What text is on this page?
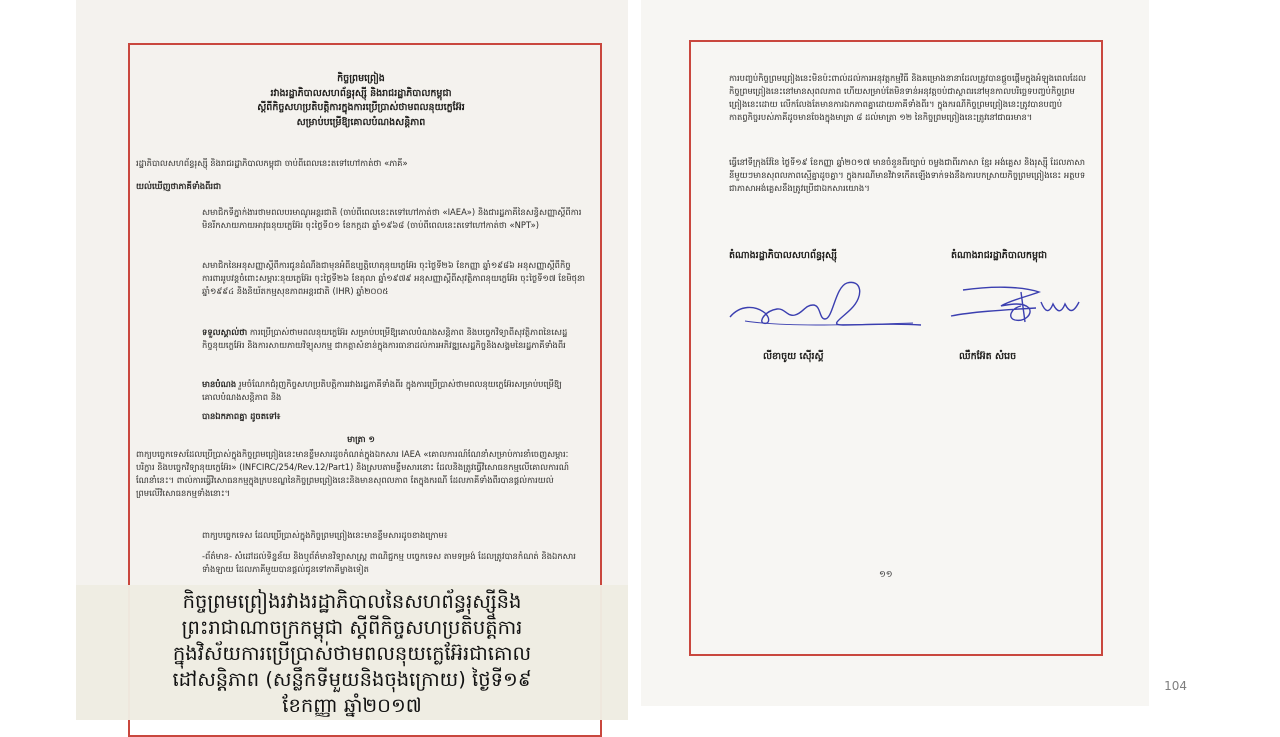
កិច្ចព្រមព្រៀង
រវាងរដ្ឋាភិបាលសហព័ន្ធរុស្ស៊ី និងរាជរដ្ឋាភិបាលកម្ពុជា
ស្តីពីកិច្ចសហប្រតិបត្តិការក្នុងការប្រើប្រាស់ថាមពលនុយក្លេអ៊ែរ
សម្រាប់បម្រើឱ្យគោលបំណងសន្តិភាព
រដ្ឋាភិបាលសហព័ន្ធរុស្ស៊ី និងរាជរដ្ឋាភិបាលកម្ពុជា ចាប់ពីពេលនេះតទៅហៅកាត់ថា «ភាគី»
យល់ឃើញថាភាគីទាំងពីរជា
សមាជិកទីភ្នាក់ងារថាមពលបរមាណូអន្តរជាតិ (ចាប់ពីពេលនេះតទៅហៅកាត់ថា «IAEA») និងជារដ្ឋភាគីនៃសន្ធិសញ្ញាស្តីពីការមិនរីកសាយភាយអាវុធនុយក្លេអ៊ែរ ចុះថ្ងៃទី០១ ខែកក្កដា ឆ្នាំ១៩៦៨ (ចាប់ពីពេលនេះតទៅហៅកាត់ថា «NPT»)
សមាជិកនៃអនុសញ្ញាស្តីពីការជូនដំណឹងជាមុនអំពីឧប្បត្តិហេតុនុយក្លេអ៊ែរ ចុះថ្ងៃទី២៦ ខែកញ្ញា ឆ្នាំ១៩៨៦ អនុសញ្ញាស្តីពីកិច្ចការពាររូបវន្តចំពោះសម្ភារៈនុយក្លេអ៊ែរ ចុះថ្ងៃទី២៦ ខែតុលា ឆ្នាំ១៩៧៩ អនុសញ្ញាស្តីពីសុវត្ថិភាពនុយក្លេអ៊ែរ ចុះថ្ងៃទី១៧ ខែមិថុនា ឆ្នាំ១៩៩៤ និងនិយ័តកម្មសុខភាពអន្តរជាតិ (IHR) ឆ្នាំ២០០៥
ទទួលស្គាល់ថា ការប្រើប្រាស់ថាមពលនុយក្លេអ៊ែរ សម្រាប់បម្រើឱ្យគោលបំណងសន្តិភាព និងបច្ចេកវិទ្យាពីសុវត្ថិភាពនៃសេដ្ឋកិច្ចនុយក្លេអ៊ែរ និងការសាយភាយវិទ្យុសកម្ម ជាកត្តាសំខាន់ក្នុងការធានាដល់ការអភិវឌ្ឍសេដ្ឋកិច្ចនិងសង្គមនៃរដ្ឋភាគីទាំងពីរ
មានបំណង រួមចំណែកជំរុញកិច្ចសហប្រតិបត្តិការរវាងរដ្ឋភាគីទាំងពីរ ក្នុងការប្រើប្រាស់ថាមពលនុយក្លេអ៊ែរសម្រាប់បម្រើឱ្យគោលបំណងសន្តិភាព និង
បានឯកភាពគ្នា ដូចតទៅ៖
មាត្រា ១
ពាក្យបច្ចេកទេសដែលប្រើប្រាស់ក្នុងកិច្ចព្រមព្រៀងនេះមានខ្លឹមសារដូចកំណត់ក្នុងឯកសារ IAEA «គោលការណ៍ណែនាំសម្រាប់ការនាំចេញសម្ភារៈ បរិក្ខារ និងបច្ចេកវិទ្យានុយក្លេអ៊ែរ» (INFCIRC/254/Rev.12/Part1) និងស្របតាមខ្លឹមសារនោះ ដែលនិងត្រូវធ្វើវិសោធនកម្មលើគោលការណ៍ណែនាំនេះ។ ពាល់ការធ្វើវិសោធនកម្មក្នុងក្របខណ្ឌនៃកិច្ចព្រមព្រៀងនេះនិងមានសុពលភាព តែក្នុងករណី ដែលភាគីទាំងពីរបានផ្តល់ការយល់ព្រមលើវិសោធនកម្មទាំងនោះ។
ពាក្យបច្ចេកទេស ដែលប្រើប្រាស់ក្នុងកិច្ចព្រមព្រៀងនេះមានខ្លឹមសារដូចខាងក្រោម៖
-ព័ត៌មាន- សំដៅដល់ទិន្នន័យ និងឬព័ត៌មានវិទ្យាសាស្ត្រ ពាណិជ្ជកម្ម បច្ចេកទេស តាមទម្រង់ ដែលត្រូវបានកំណត់ និងឯកសារទាំងឡាយ ដែលភាគីមួយបានផ្តល់ជូនទៅភាគីម្ខាងទៀត
កិច្ចព្រមព្រៀងរវាងរដ្ឋាភិបាលនៃសហព័ន្ធរុស្ស៊ីនិង
ព្រះរាជាណាចក្រកម្ពុជា ស្តីពីកិច្ចសហប្រតិបត្តិការ
ក្នុងវិស័យការប្រើប្រាស់ថាមពលនុយក្លេអ៊ែរជាគោល
ដៅសន្តិភាព (សន្លឹកទីមួយនិងចុងក្រោយ) ថ្ងៃទី១៩
ខែកញ្ញា ឆ្នាំ២០១៧
ការបញ្ចប់កិច្ចព្រមព្រៀងនេះមិនប៉ះពាល់ដល់ការអនុវត្តកម្មវិធី និងគម្រោងនានាដែលត្រូវបានផ្តួចផ្តើមក្នុងអំឡុងពេលដែលកិច្ចព្រមព្រៀងនេះនៅមានសុពលភាព ហើយសម្រាប់តែមិនទាន់អនុវត្តចប់ជាស្ថាពរនៅមុនកាលបរិច្ឆេទបញ្ចប់កិច្ចព្រមព្រៀងនេះដោយ លើកលែងតែមានការឯកភាពគ្នាដោយភាគីទាំងពីរ។ ក្នុងករណីកិច្ចព្រមព្រៀងនេះត្រូវបានបញ្ចប់ កាតព្វកិច្ចរបស់ភាគីដូចមានចែងក្នុងមាត្រា ៨ ដល់មាត្រា ១២ នៃកិច្ចព្រមព្រៀងនេះត្រូវនៅជាធរមាន។
ធ្វើនៅទីក្រុងវ៉ែនៃ ថ្ងៃទី១៩ ខែកញ្ញា ឆ្នាំ២០១៧ មានចំនួនពីរច្បាប់ ចម្លងជាពីរភាសា ខ្មែរ អង់គ្លេស និងរុស្ស៊ី ដែលភាសានីមួយៗមានសុពលភាពស្មើគ្នាដូចគ្នា។ ក្នុងករណីមានវិវាទកើតឡើងទាក់ទងនឹងការបកស្រាយកិច្ចព្រមព្រៀងនេះ អត្ថបទជាភាសាអង់គ្លេសនឹងត្រូវប្រើជាឯកសារយោង។
តំណាងរដ្ឋាភិបាលសហព័ន្ធរុស្ស៊ី	តំណាងរាជរដ្ឋាភិបាលកម្ពុជា
លីខាចូយ ស៊ើរស្គី	ឈឹកអ៊ែត សំរេច
១១
104
